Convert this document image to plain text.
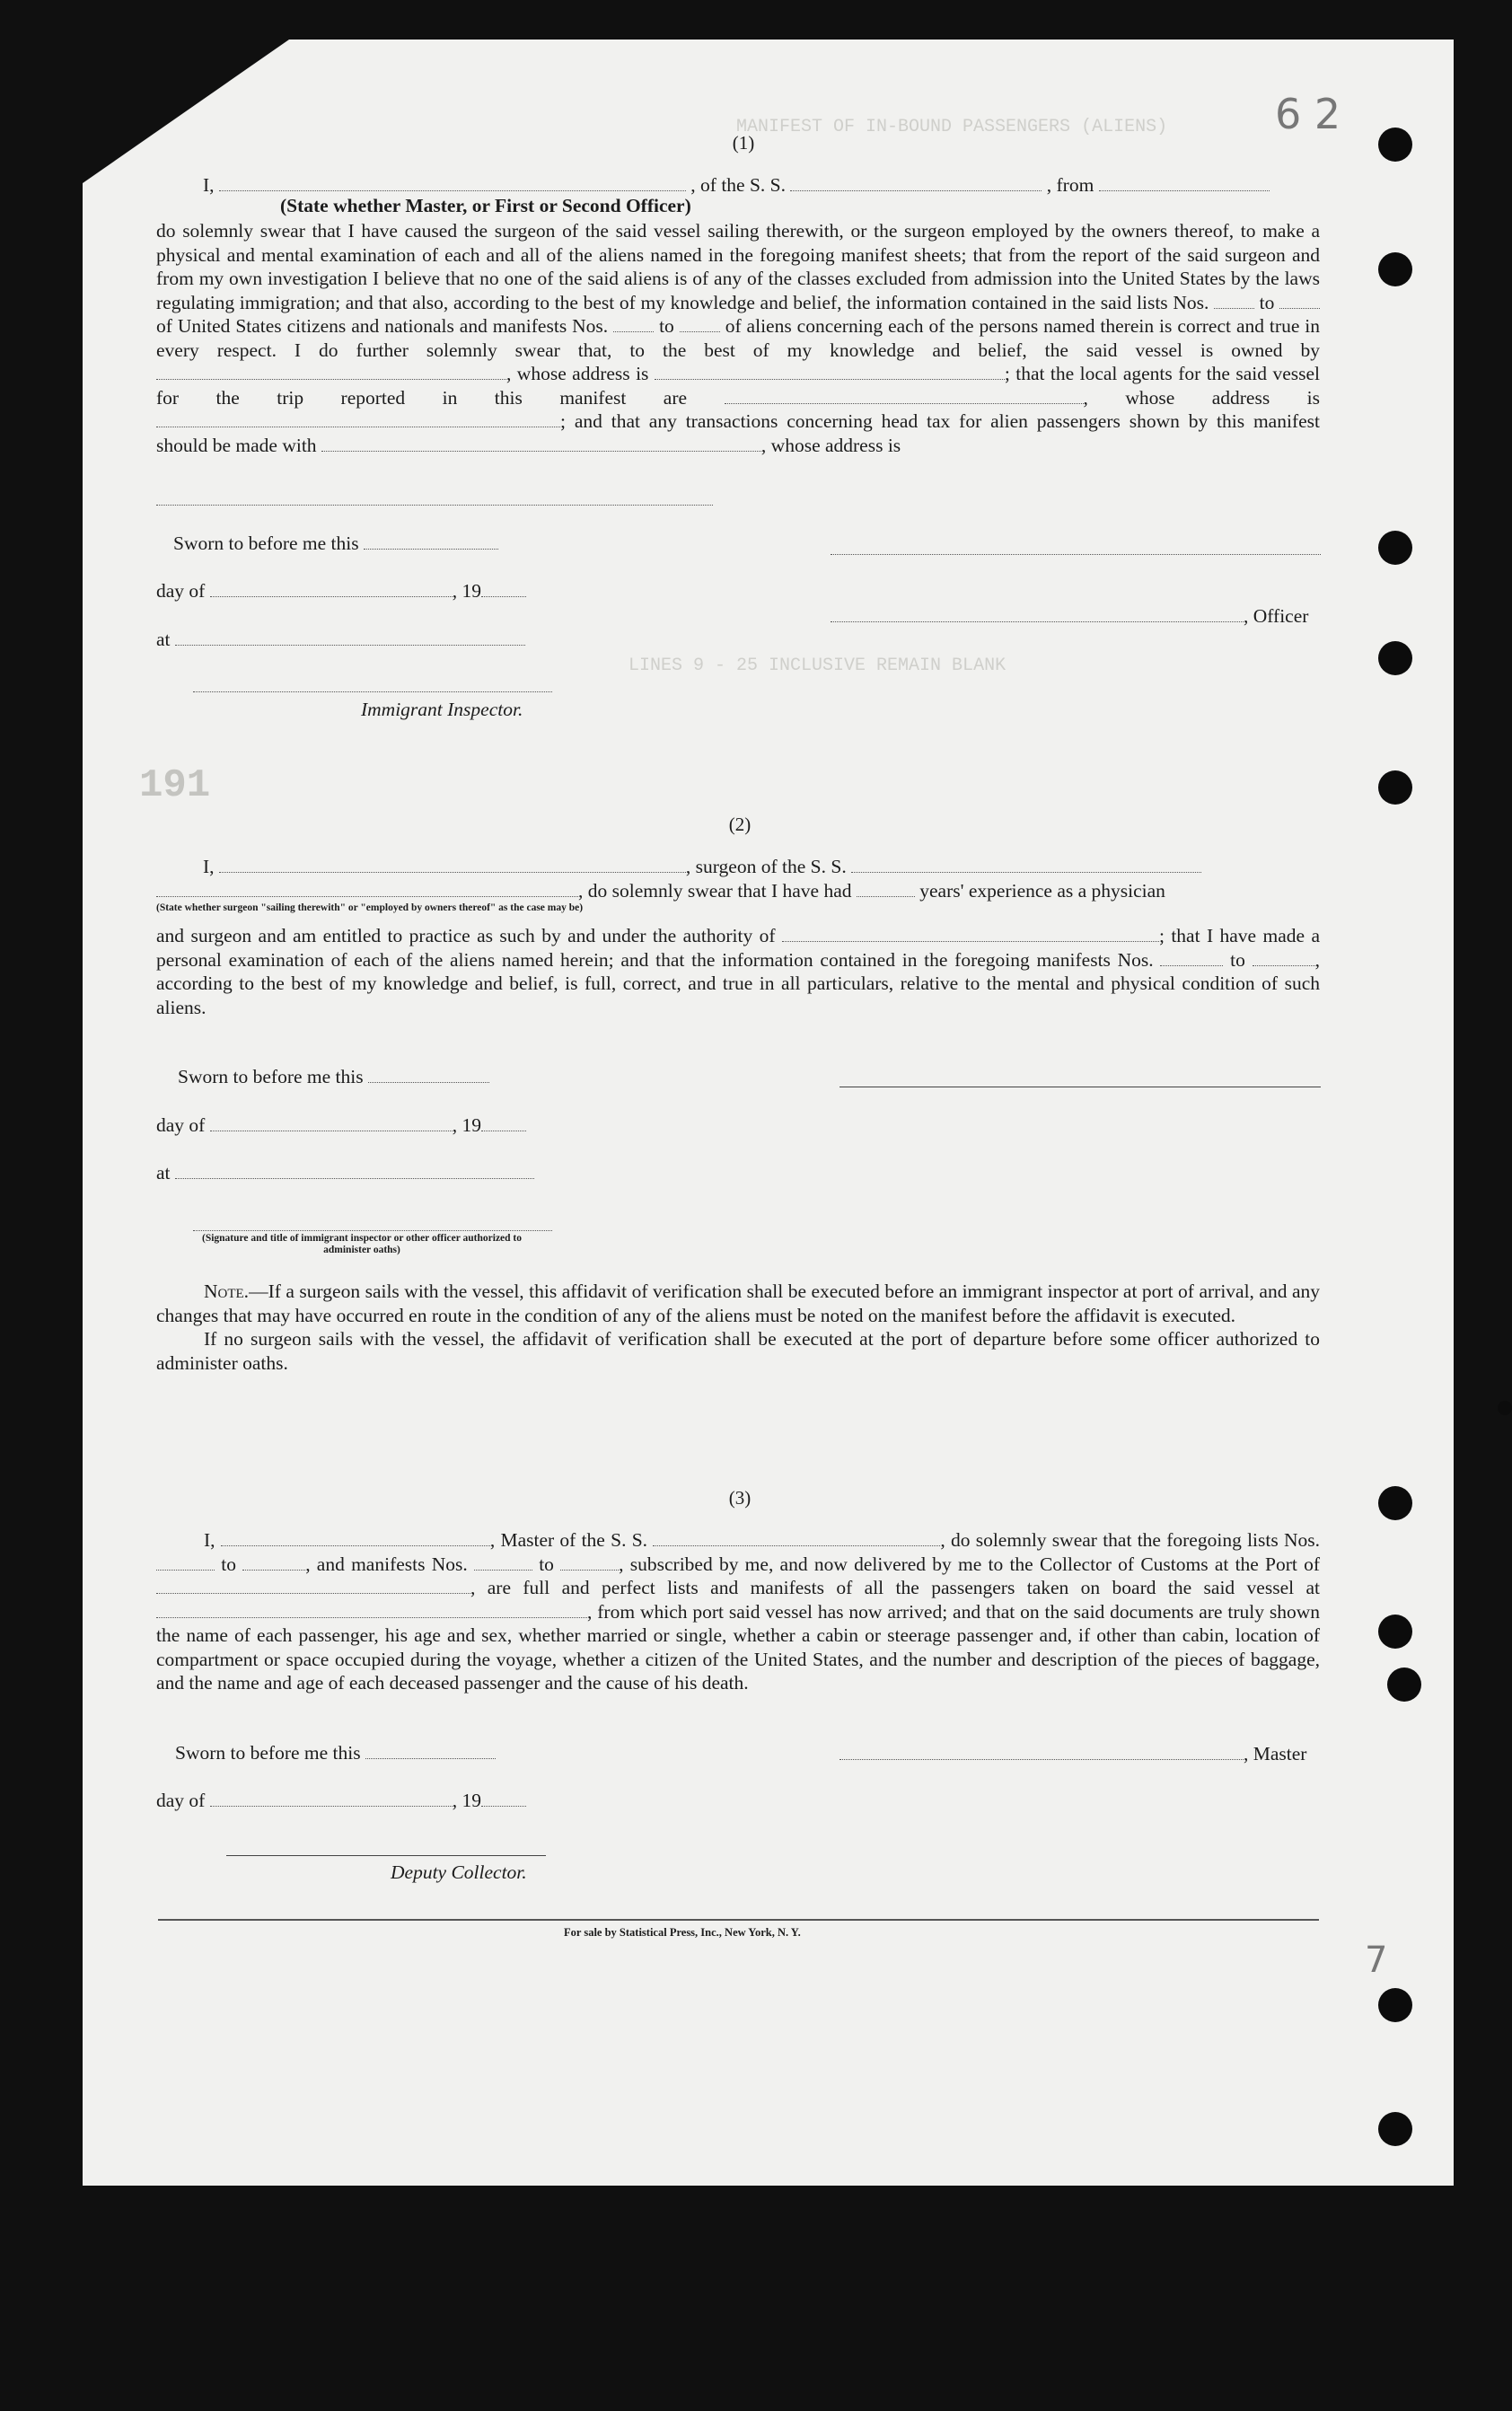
MANIFEST OF IN-BOUND PASSENGERS (ALIENS)
LINES 9 - 25 INCLUSIVE REMAIN BLANK
191
6 2
7
(1)
I,	, of the S. S.	, from
(State whether Master, or First or Second Officer)

do solemnly swear that I have caused the surgeon of the said vessel sailing therewith, or the surgeon employed by the owners thereof, to make a physical and mental examination of each and all of the aliens named in the foregoing manifest sheets; that from the report of the said surgeon and from my own investigation I believe that no one of the said aliens is of any of the classes excluded from admission into the United States by the laws regulating immigration; and that also, according to the best of my knowledge and belief, the information contained in the said lists Nos.	to  of United States citizens and nationals and manifests Nos.	to	of aliens concerning each of the persons named therein is correct and true in every respect. I do further solemnly swear that, to the best of my knowledge and belief, the said vessel is owned by , whose address is	; that the local agents for the said vessel for the trip reported in this manifest are	, whose address is ; and that any transactions concerning head tax for alien passengers shown by this manifest should be made with	, whose address is

Sworn to before me this
day of	, 19
at
Immigrant Inspector.
, Officer
(2)
I,	, surgeon of the S. S.
, do solemnly swear that I have had	years' experience as a physician
(State whether surgeon "sailing therewith" or "employed by owners thereof" as the case may be)

and surgeon and am entitled to practice as such by and under the authority of	; that I have made a personal examination of each of the aliens named herein; and that the information contained in the foregoing manifests Nos.	to	, according to the best of my knowledge and belief, is full, correct, and true in all particulars, relative to the mental and physical condition of such aliens.

Sworn to before me this
day of	, 19
at
(Signature and title of immigrant inspector or other officer authorized to administer oaths)

Note.—If a surgeon sails with the vessel, this affidavit of verification shall be executed before an immigrant inspector at port of arrival, and any changes that may have occurred en route in the condition of any of the aliens must be noted on the manifest before the affidavit is executed.

If no surgeon sails with the vessel, the affidavit of verification shall be executed at the port of departure before some officer authorized to administer oaths.

(3)

I,	, Master of the S. S.	, do solemnly swear that the foregoing lists Nos.  to	, and manifests Nos.	to	, subscribed by me, and now delivered by me to the Collector of Customs at the Port of , are full and perfect lists and manifests of all the passengers taken on board the said vessel at , from which port said vessel has now arrived; and that on the said documents are truly shown the name of each passenger, his age and sex, whether married or single, whether a cabin or steerage passenger and, if other than cabin, location of compartment or space occupied during the voyage, whether a citizen of the United States, and the number and description of the pieces of baggage, and the name and age of each deceased passenger and the cause of his death.

Sworn to before me this	, Master
day of	, 19
Deputy Collector.
For sale by Statistical Press, Inc., New York, N. Y.
